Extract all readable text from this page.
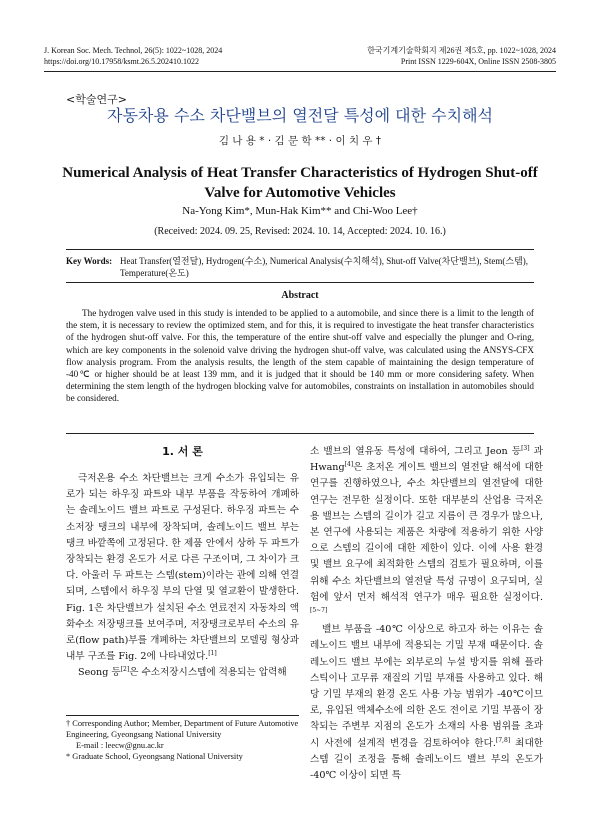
J. Korean Soc. Mech. Technol, 26(5): 1022~1028, 2024	한국기계기술학회지 제26권 제5호, pp. 1022~1028, 2024
https://doi.org/10.17958/ksmt.26.5.202410.1022	Print ISSN 1229-604X, Online ISSN 2508-3805
<학술연구>
자동차용 수소 차단밸브의 열전달 특성에 대한 수치해석
김 나 용 * · 김 문 학 ** · 이 치 우 †
Numerical Analysis of Heat Transfer Characteristics of Hydrogen Shut-off Valve for Automotive Vehicles
Na-Yong Kim*, Mun-Hak Kim** and Chi-Woo Lee†
(Received: 2024. 09. 25, Revised: 2024. 10. 14, Accepted: 2024. 10. 16.)
Key Words: Heat Transfer(열전달), Hydrogen(수소), Numerical Analysis(수치해석), Shut-off Valve(차단밸브), Stem(스템), Temperature(온도)
Abstract
The hydrogen valve used in this study is intended to be applied to a automobile, and since there is a limit to the length of the stem, it is necessary to review the optimized stem, and for this, it is required to investigate the heat transfer characteristics of the hydrogen shut-off valve. For this, the temperature of the entire shut-off valve and especially the plunger and O-ring, which are key components in the solenoid valve driving the hydrogen shut-off valve, was calculated using the ANSYS-CFX flow analysis program. From the analysis results, the length of the stem capable of maintaining the design temperature of -40℃ or higher should be at least 139 mm, and it is judged that it should be 140 mm or more considering safety. When determining the stem length of the hydrogen blocking valve for automobiles, constraints on installation in automobiles should be considered.
1. 서 론

극저온용 수소 차단밸브는 크게 수소가 유입되는 유로가 되는 하우징 파트와 내부 부품을 작동하여 개폐하는 솔레노이드 밸브 파트로 구성된다. 하우징 파트는 수소저장 탱크의 내부에 장착되며, 솔레노이드 밸브 부는 탱크 바깥쪽에 고정된다. 한 제품 안에서 상하 두 파트가 장착되는 환경 온도가 서로 다른 구조이며, 그 차이가 크다. 아울러 두 파트는 스템(stem)이라는 관에 의해 연결되며, 스템에서 하우징 부의 단열 및 열교환이 발생한다. Fig. 1은 차단밸브가 설치된 수소 연료전지 자동차의 액화수소 저장탱크를 보여주며, 저장탱크로부터 수소의 유로(flow path)부를 개폐하는 차단밸브의 모델링 형상과 내부 구조를 Fig. 2에 나타내었다.[1]

Seong 등[2]은 수소저장시스템에 적용되는 압력해

소 밸브의 열유동 특성에 대하여, 그리고 Jeon 등[3] 과 Hwang[4]은 초저온 게이트 밸브의 열전달 해석에 대한 연구를 진행하였으나, 수소 차단밸브의 열전달에 대한 연구는 전무한 실정이다. 또한 대부분의 산업용 극저온용 밸브는 스템의 길이가 길고 지름이 큰 경우가 많으나, 본 연구에 사용되는 제품은 차량에 적용하기 위한 사양으로 스템의 길이에 대한 제한이 있다. 이에 사용 환경 및 밸브 요구에 최적화한 스템의 검토가 필요하며, 이를 위해 수소 차단밸브의 열전달 특성 규명이 요구되며, 실험에 앞서 먼저 해석적 연구가 매우 필요한 실정이다.[5~7]

밸브 부품을 -40℃ 이상으로 하고자 하는 이유는 솔레노이드 밸브 내부에 적용되는 기밀 부재 때문이다. 솔레노이드 밸브 부에는 외부로의 누설 방지를 위해 플라스틱이나 고무류 재질의 기밀 부재를 사용하고 있다. 해당 기밀 부재의 환경 온도 사용 가능 범위가 -40℃이므로, 유입된 액체수소에 의한 온도 전이로 기밀 부품이 장착되는 주변부 지점의 온도가 소재의 사용 범위를 초과 시 사전에 설계적 변경을 검토하여야 한다.[7,8] 최대한 스템 길이 조정을 통해 솔레노이드 밸브 부의 온도가 -40℃ 이상이 되면 특

† Corresponding Author; Member, Department of Future Automotive Engineering, Gyeongsang National University
E-mail : leecw@gnu.ac.kr
* Graduate School, Gyeongsang National University
